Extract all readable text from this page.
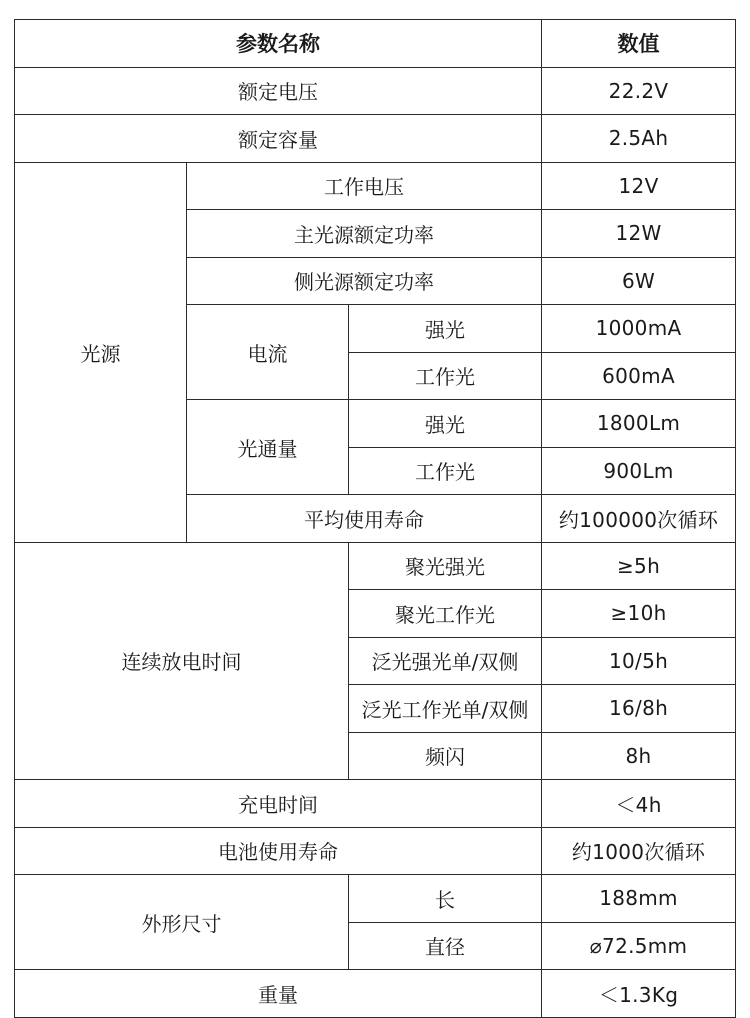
参数名称			数值
额定电压			22.2V
额定容量			2.5Ah
光源	工作电压		12V
	主光源额定功率		12W
	侧光源额定功率		6W
	电流	强光	1000mA
		工作光	600mA
	光通量	强光	1800Lm
		工作光	900Lm
	平均使用寿命		约100000次循环
连续放电时间		聚光强光	≥5h
		聚光工作光	≥10h
		泛光强光单/双侧	10/5h
		泛光工作光单/双侧	16/8h
		频闪	8h
充电时间			＜4h
电池使用寿命			约1000次循环
外形尺寸		长	188mm
		直径	⌀72.5mm
重量			＜1.3Kg
